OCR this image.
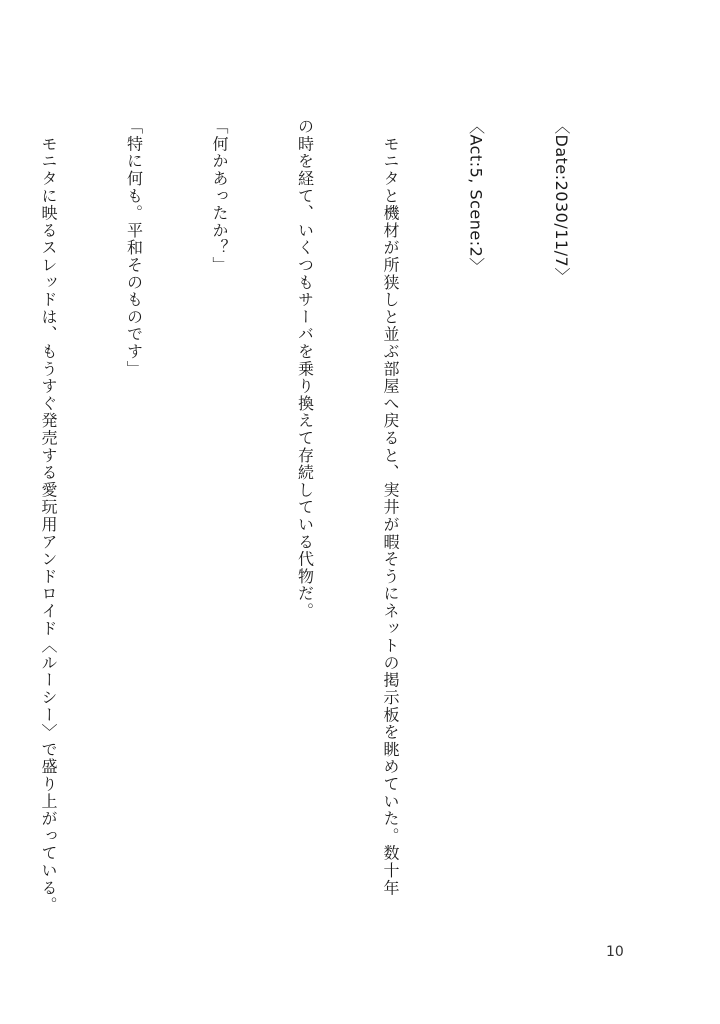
〈Date:2030/11/7〉

〈Act:5, Scene:2〉

　モニタと機材が所狭しと並ぶ部屋へ戻ると、実井が暇そうにネットの掲示板を眺めていた。数十年

の時を経て、いくつもサーバを乗り換えて存続している代物だ。

「何かあったか？」

「特に何も。平和そのものです」

　モニタに映るスレッドは、もうすぐ発売する愛玩用アンドロイド〈ルーシー〉で盛り上がっている。

10
